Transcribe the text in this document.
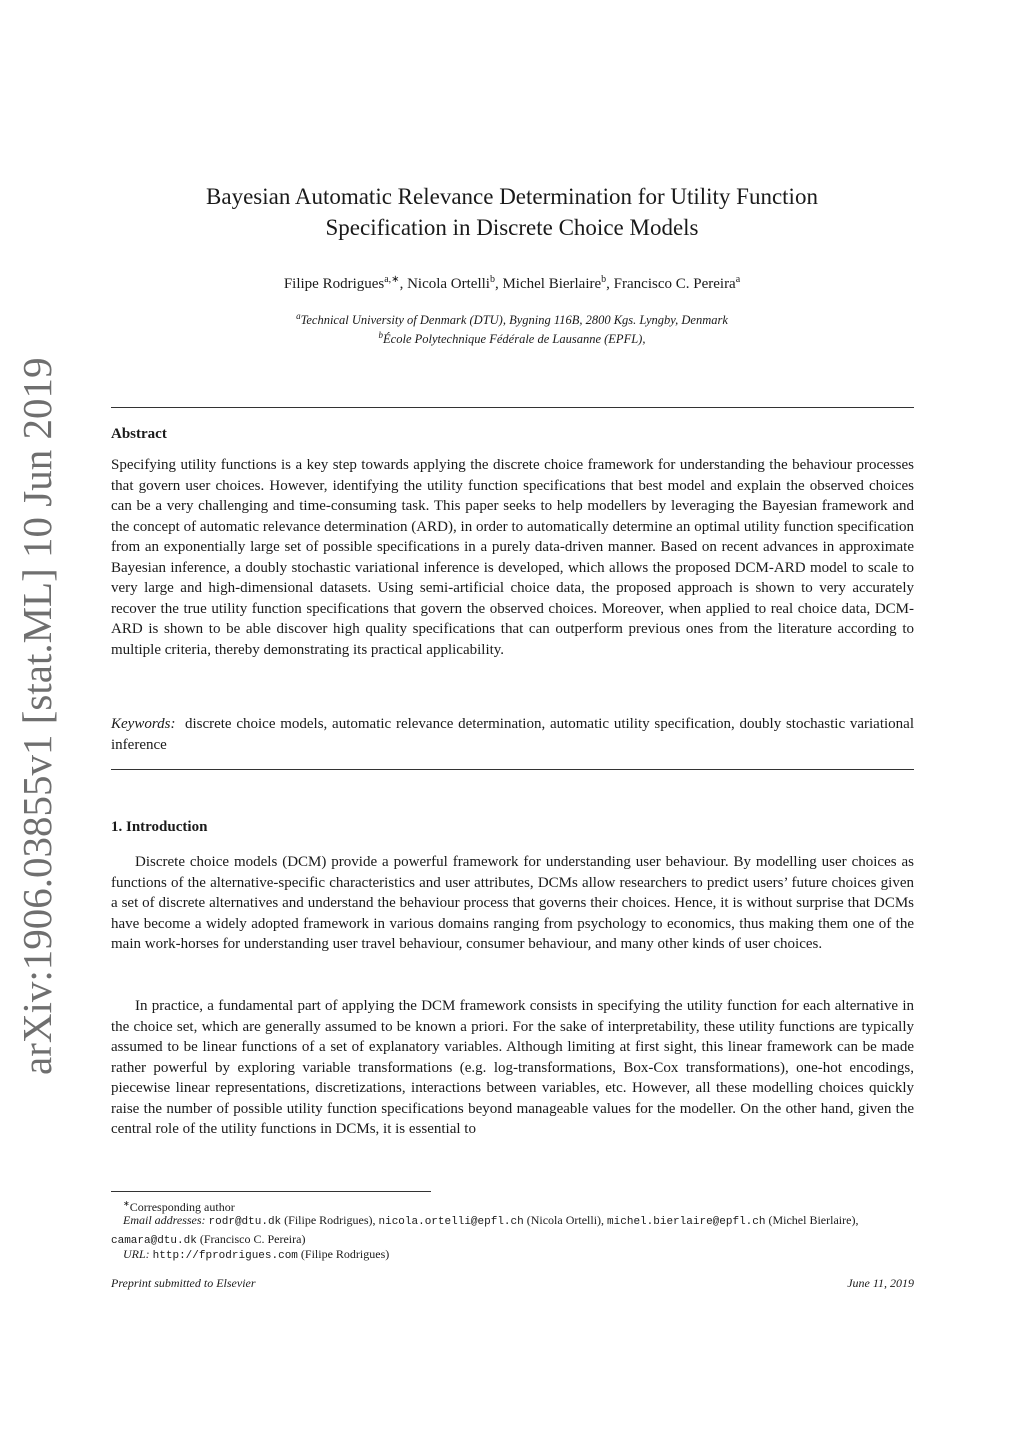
arXiv:1906.03855v1 [stat.ML] 10 Jun 2019
Bayesian Automatic Relevance Determination for Utility Function
Specification in Discrete Choice Models
Filipe Rodrigues$^{a,∗}$, Nicola Ortelli$^b$, Michel Bierlaire$^b$, Francisco C. Pereira$^a$
$^a$Technical University of Denmark (DTU), Bygning 116B, 2800 Kgs. Lyngby, Denmark
$^b$École Polytechnique Fédérale de Lausanne (EPFL),
Abstract
Specifying utility functions is a key step towards applying the discrete choice framework for understanding the behaviour processes that govern user choices. However, identifying the utility function specifications that best model and explain the observed choices can be a very challenging and time-consuming task. This paper seeks to help modellers by leveraging the Bayesian framework and the concept of automatic relevance determination (ARD), in order to automatically determine an optimal utility function specification from an exponentially large set of possible specifications in a purely data-driven manner. Based on recent advances in approximate Bayesian inference, a doubly stochastic variational inference is developed, which allows the proposed DCM-ARD model to scale to very large and high-dimensional datasets. Using semi-artificial choice data, the proposed approach is shown to very accurately recover the true utility function specifications that govern the observed choices. Moreover, when applied to real choice data, DCM-ARD is shown to be able discover high quality specifications that can outperform previous ones from the literature according to multiple criteria, thereby demonstrating its practical applicability.
Keywords: discrete choice models, automatic relevance determination, automatic utility specification, doubly stochastic variational inference
1. Introduction
Discrete choice models (DCM) provide a powerful framework for understanding user behaviour. By modelling user choices as functions of the alternative-specific characteristics and user attributes, DCMs allow researchers to predict users’ future choices given a set of discrete alternatives and understand the behaviour process that governs their choices. Hence, it is without surprise that DCMs have become a widely adopted framework in various domains ranging from psychology to economics, thus making them one of the main work-horses for understanding user travel behaviour, consumer behaviour, and many other kinds of user choices.
In practice, a fundamental part of applying the DCM framework consists in specifying the utility function for each alternative in the choice set, which are generally assumed to be known a priori. For the sake of interpretability, these utility functions are typically assumed to be linear functions of a set of explanatory variables. Although limiting at first sight, this linear framework can be made rather powerful by exploring variable transformations (e.g. log-transformations, Box-Cox transformations), one-hot encodings, piecewise linear representations, discretizations, interactions between variables, etc. However, all these modelling choices quickly raise the number of possible utility function specifications beyond manageable values for the modeller. On the other hand, given the central role of the utility functions in DCMs, it is essential to
∗Corresponding author
Email addresses: rodr@dtu.dk (Filipe Rodrigues), nicola.ortelli@epfl.ch (Nicola Ortelli), michel.bierlaire@epfl.ch (Michel Bierlaire), camara@dtu.dk (Francisco C. Pereira)
URL: http://fprodrigues.com (Filipe Rodrigues)
Preprint submitted to Elsevier	June 11, 2019
